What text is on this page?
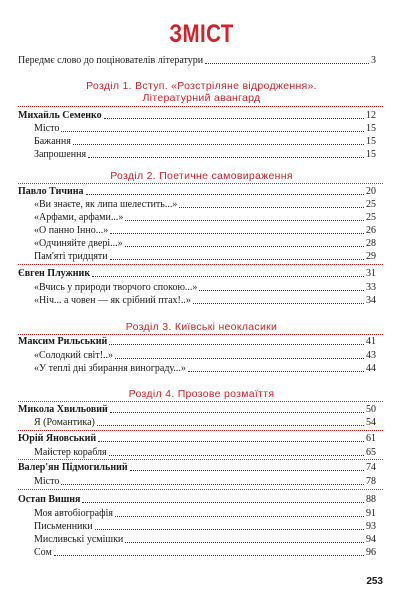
ЗМІСТ
Передмє слово до поцінователів літератури	3
Розділ 1. Вступ. «Розстріляне відродження».
Літературний авангард
Михайль Семенко	12
Місто	15
Бажання	15
Запрошення	15
Розділ 2. Поетичне самовираження
Павло Тичина	20
«Ви знаєте, як липа шелестить...»	25
«Арфами, арфами...»	25
«О панно Інно...»	26
«Одчиняйте двері...»	28
Пам'яті тридцяти	29
Євген Плужник	31
«Вчись у природи творчого спокою...»	33
«Ніч... а човен — як срібний птах!..»	34
Розділ 3. Київські неокласики
Максим Рильський	41
«Солодкий світ!..»	43
«У теплі дні збирання винограду...»	44
Розділ 4. Прозове розмаїття
Микола Хвильовий	50
Я (Романтика)	54
Юрій Яновський	61
Майстер корабля	65
Валер'ян Підмогильний	74
Місто	78
Остап Вишня	88
Моя автобіографія	91
Письменники	93
Мисливські усмішки	94
Сом	96
253
